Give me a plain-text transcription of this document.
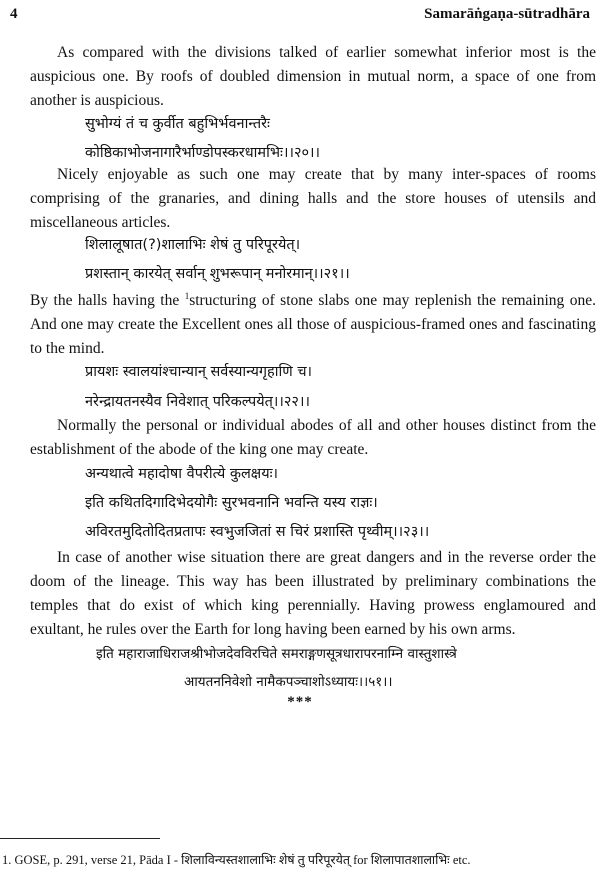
4	Samarāṅgaṇa-sūtradhāra

As compared with the divisions talked of earlier somewhat inferior most is the auspicious one. By roofs of doubled dimension in mutual norm, a space of one from another is auspicious.

सुभोग्यं तं च कुर्वीत बहुभिर्भवनान्तरैः

कोष्ठिकाभोजनागारैर्भाण्डोपस्करधामभिः।।२०।।

Nicely enjoyable as such one may create that by many inter-spaces of rooms comprising of the granaries, and dining halls and the store houses of utensils and miscellaneous articles.

शिलालूषात(?)शालाभिः शेषं तु परिपूरयेत्।

प्रशस्तान् कारयेत् सर्वान् शुभरूपान् मनोरमान्।।२१।।

By the halls having the $^1$structuring of stone slabs one may replenish the remaining one. And one may create the Excellent ones all those of auspicious-framed ones and fascinating to the mind.

प्रायशः स्वालयांश्चान्यान् सर्वस्यान्यगृहाणि च।

नरेन्द्रायतनस्यैव निवेशात् परिकल्पयेत्।।२२।।

Normally the personal or individual abodes of all and other houses distinct from the establishment of the abode of the king one may create.

अन्यथात्वे महादोषा वैपरीत्ये कुलक्षयः।

इति कथितदिगादिभेदयोगैः सुरभवनानि भवन्ति यस्य राज्ञः।

अविरतमुदितोदितप्रतापः स्वभुजजितां स चिरं प्रशास्ति पृथ्वीम्।।२३।।

In case of another wise situation there are great dangers and in the reverse order the doom of the lineage. This way has been illustrated by preliminary combinations the temples that do exist of which king perennially. Having prowess englamoured and exultant, he rules over the Earth for long having been earned by his own arms.

इति महाराजाधिराजश्रीभोजदेवविरचिते समराङ्गणसूत्रधारापरनाम्नि वास्तुशास्त्रे

आयतननिवेशो नामैकपञ्चाशोऽध्यायः।।५१।।

***

1. GOSE, p. 291, verse 21, Pāda I - शिलाविन्यस्तशालाभिः शेषं तु परिपूरयेत् for शिलापातशालाभिः etc.
